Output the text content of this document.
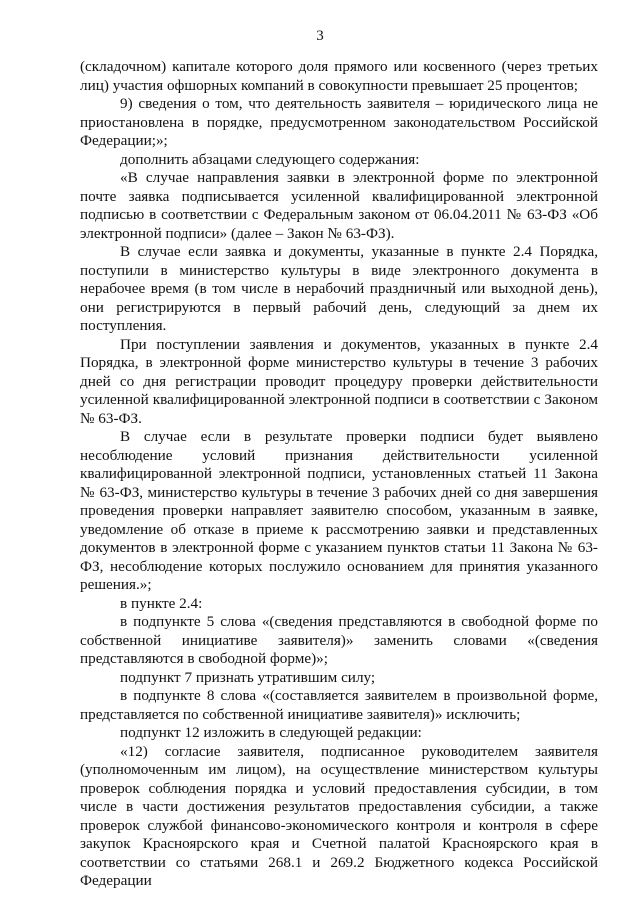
3

(складочном) капитале которого доля прямого или косвенного (через третьих лиц) участия офшорных компаний в совокупности превышает 25 процентов;

9) сведения о том, что деятельность заявителя – юридического лица не приостановлена в порядке, предусмотренном законодательством Российской Федерации;»;

дополнить абзацами следующего содержания:

«В случае направления заявки в электронной форме по электронной почте заявка подписывается усиленной квалифицированной электронной подписью в соответствии с Федеральным законом от 06.04.2011 № 63-ФЗ «Об электронной подписи» (далее – Закон № 63-ФЗ).

В случае если заявка и документы, указанные в пункте 2.4 Порядка, поступили в министерство культуры в виде электронного документа в нерабочее время (в том числе в нерабочий праздничный или выходной день), они регистрируются в первый рабочий день, следующий за днем их поступления.

При поступлении заявления и документов, указанных в пункте 2.4 Порядка, в электронной форме министерство культуры в течение 3 рабочих дней со дня регистрации проводит процедуру проверки действительности усиленной квалифицированной электронной подписи в соответствии с Законом № 63-ФЗ.

В случае если в результате проверки подписи будет выявлено несоблюдение условий признания действительности усиленной квалифицированной электронной подписи, установленных статьей 11 Закона № 63-ФЗ, министерство культуры в течение 3 рабочих дней со дня завершения проведения проверки направляет заявителю способом, указанным в заявке, уведомление об отказе в приеме к рассмотрению заявки и представленных документов в электронной форме с указанием пунктов статьи 11 Закона № 63-ФЗ, несоблюдение которых послужило основанием для принятия указанного решения.»;

в пункте 2.4:

в подпункте 5 слова «(сведения представляются в свободной форме по собственной инициативе заявителя)» заменить словами «(сведения представляются в свободной форме)»;

подпункт 7 признать утратившим силу;

в подпункте 8 слова «(составляется заявителем в произвольной форме, представляется по собственной инициативе заявителя)» исключить;

подпункт 12 изложить в следующей редакции:

«12) согласие заявителя, подписанное руководителем заявителя (уполномоченным им лицом), на осуществление министерством культуры проверок соблюдения порядка и условий предоставления субсидии, в том числе в части достижения результатов предоставления субсидии, а также проверок службой финансово-экономического контроля и контроля в сфере закупок Красноярского края и Счетной палатой Красноярского края в соответствии со статьями 268.1 и 269.2 Бюджетного кодекса Российской Федерации
